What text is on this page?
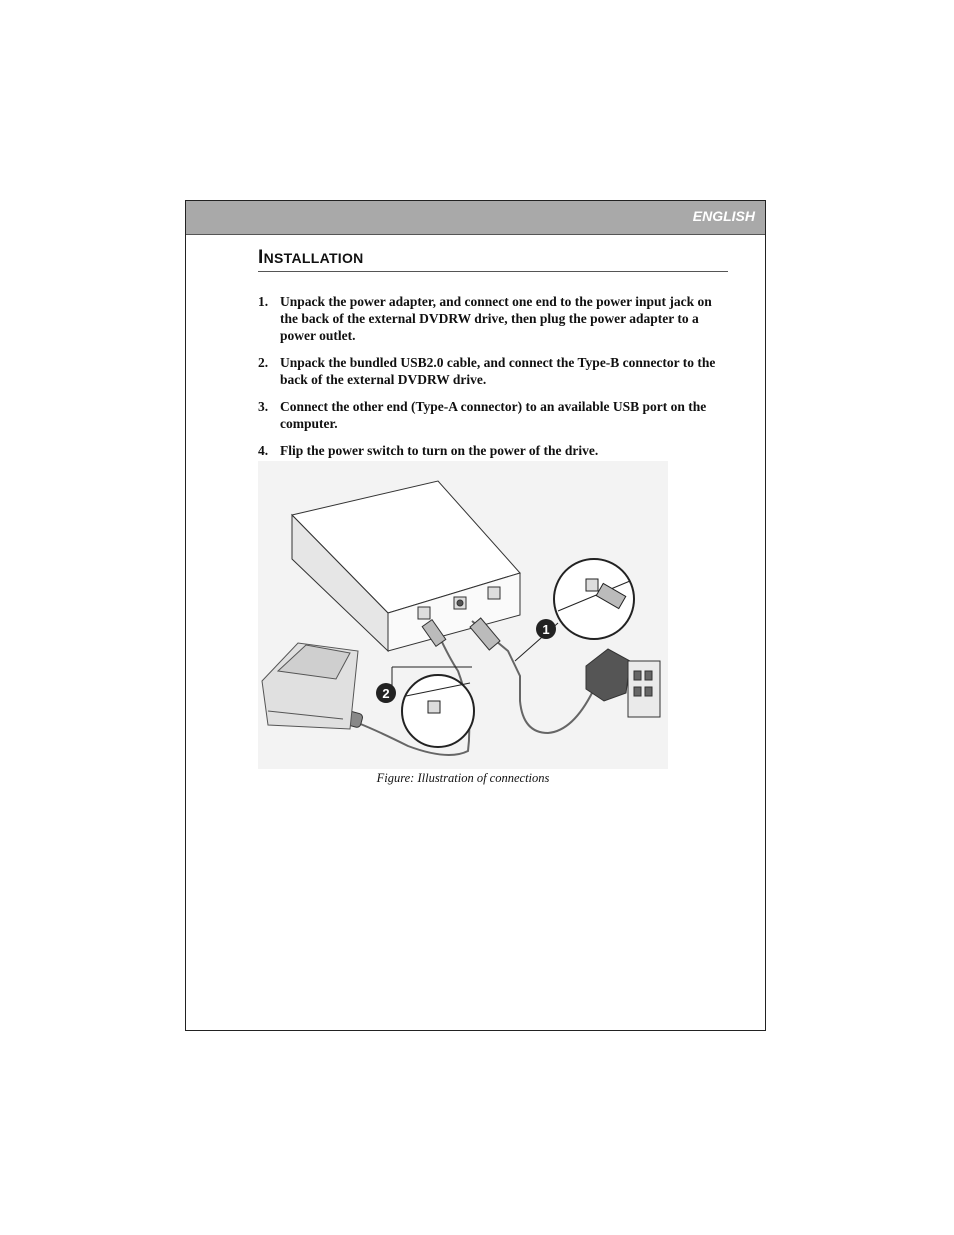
ENGLISH
INSTALLATION
1. Unpack the power adapter, and connect one end to the power input jack on the back of the external DVDRW drive, then plug the power adapter to a power outlet.
2. Unpack the bundled USB2.0 cable, and connect the Type-B connector to the back of the external DVDRW drive.
3. Connect the other end (Type-A connector) to an available USB port on the computer.
4. Flip the power switch to turn on the power of the drive.
1
2
Figure: Illustration of connections
